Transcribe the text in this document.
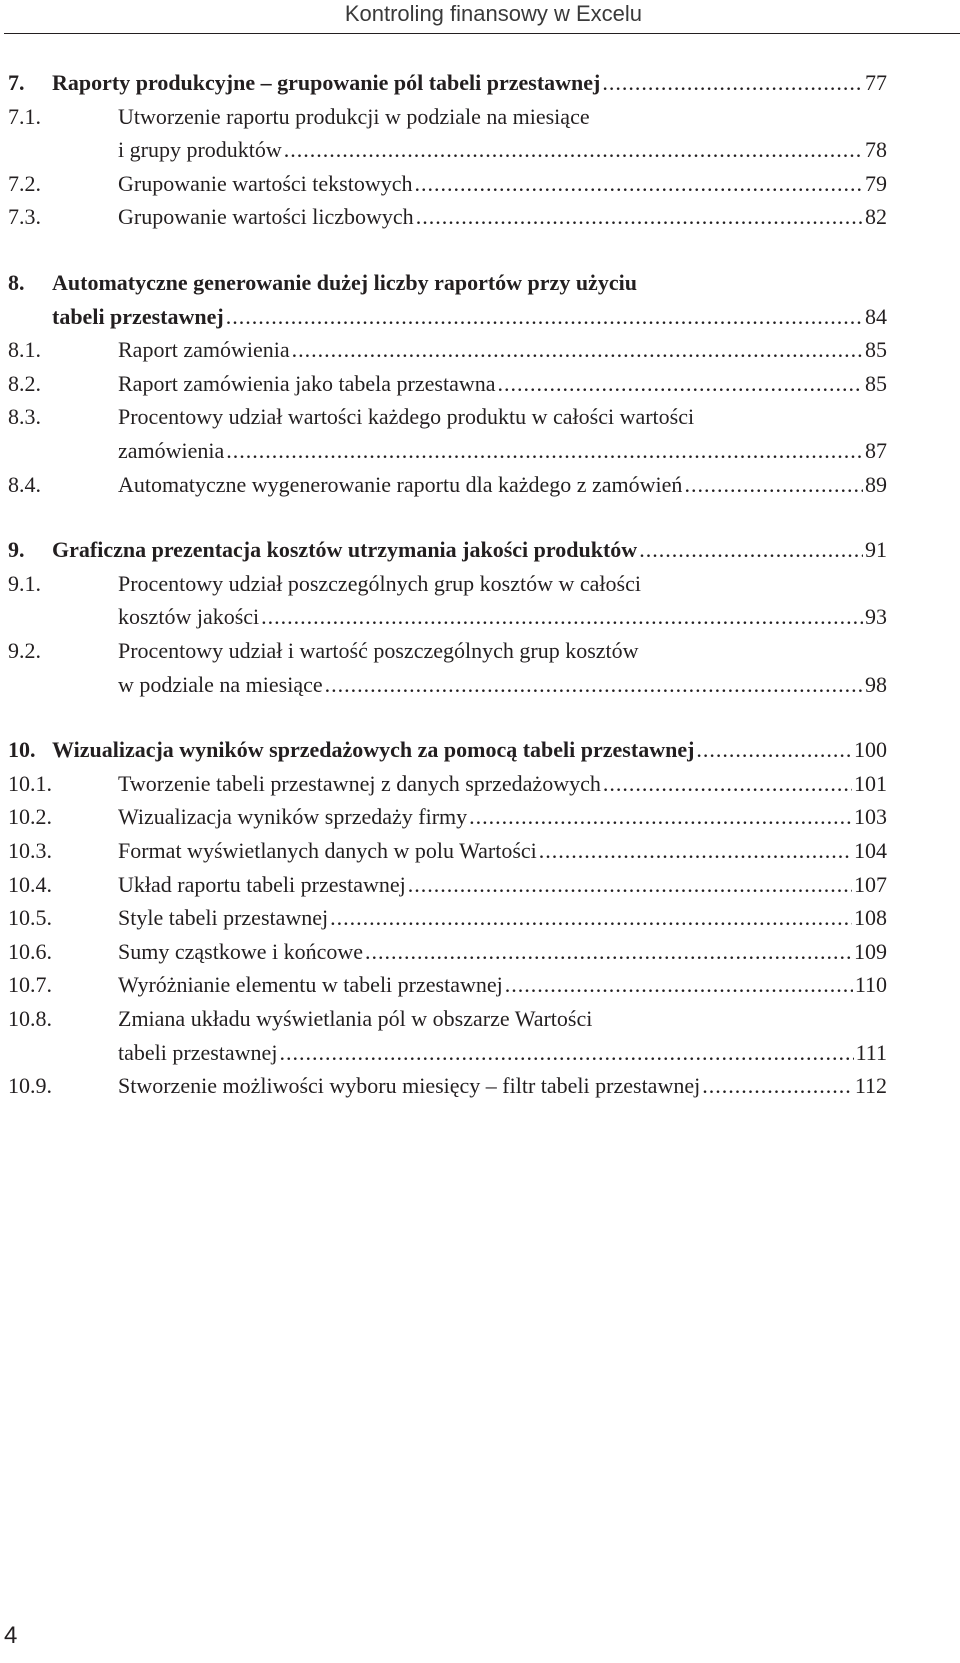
Kontroling finansowy w Excelu
7. Raporty produkcyjne – grupowanie pól tabeli przestawnej .....	77
7.1.	Utworzenie raportu produkcji w podziale na miesiące
i grupy produktów .....	78
7.2.	Grupowanie wartości tekstowych .....	79
7.3.	Grupowanie wartości liczbowych .....	82
8. Automatyczne generowanie dużej liczby raportów przy użyciu
tabeli przestawnej .....	84
8.1.	Raport zamówienia .....	85
8.2.	Raport zamówienia jako tabela przestawna .....	85
8.3.	Procentowy udział wartości każdego produktu w całości wartości
zamówienia .....	87
8.4.	Automatyczne wygenerowanie raportu dla każdego z zamówień .....	89
9. Graficzna prezentacja kosztów utrzymania jakości produktów .....	91
9.1.	Procentowy udział poszczególnych grup kosztów w całości
kosztów jakości .....	93
9.2.	Procentowy udział i wartość poszczególnych grup kosztów
w podziale na miesiące .....	98
10. Wizualizacja wyników sprzedażowych za pomocą tabeli przestawnej .....	100
10.1.	Tworzenie tabeli przestawnej z danych sprzedażowych .....	101
10.2.	Wizualizacja wyników sprzedaży firmy .....	103
10.3.	Format wyświetlanych danych w polu Wartości .....	104
10.4.	Układ raportu tabeli przestawnej .....	107
10.5.	Style tabeli przestawnej .....	108
10.6.	Sumy cząstkowe i końcowe .....	109
10.7.	Wyróżnianie elementu w tabeli przestawnej .....	110
10.8.	Zmiana układu wyświetlania pól w obszarze Wartości
tabeli przestawnej .....	111
10.9.	Stworzenie możliwości wyboru miesięcy – filtr tabeli przestawnej .....	112
4
